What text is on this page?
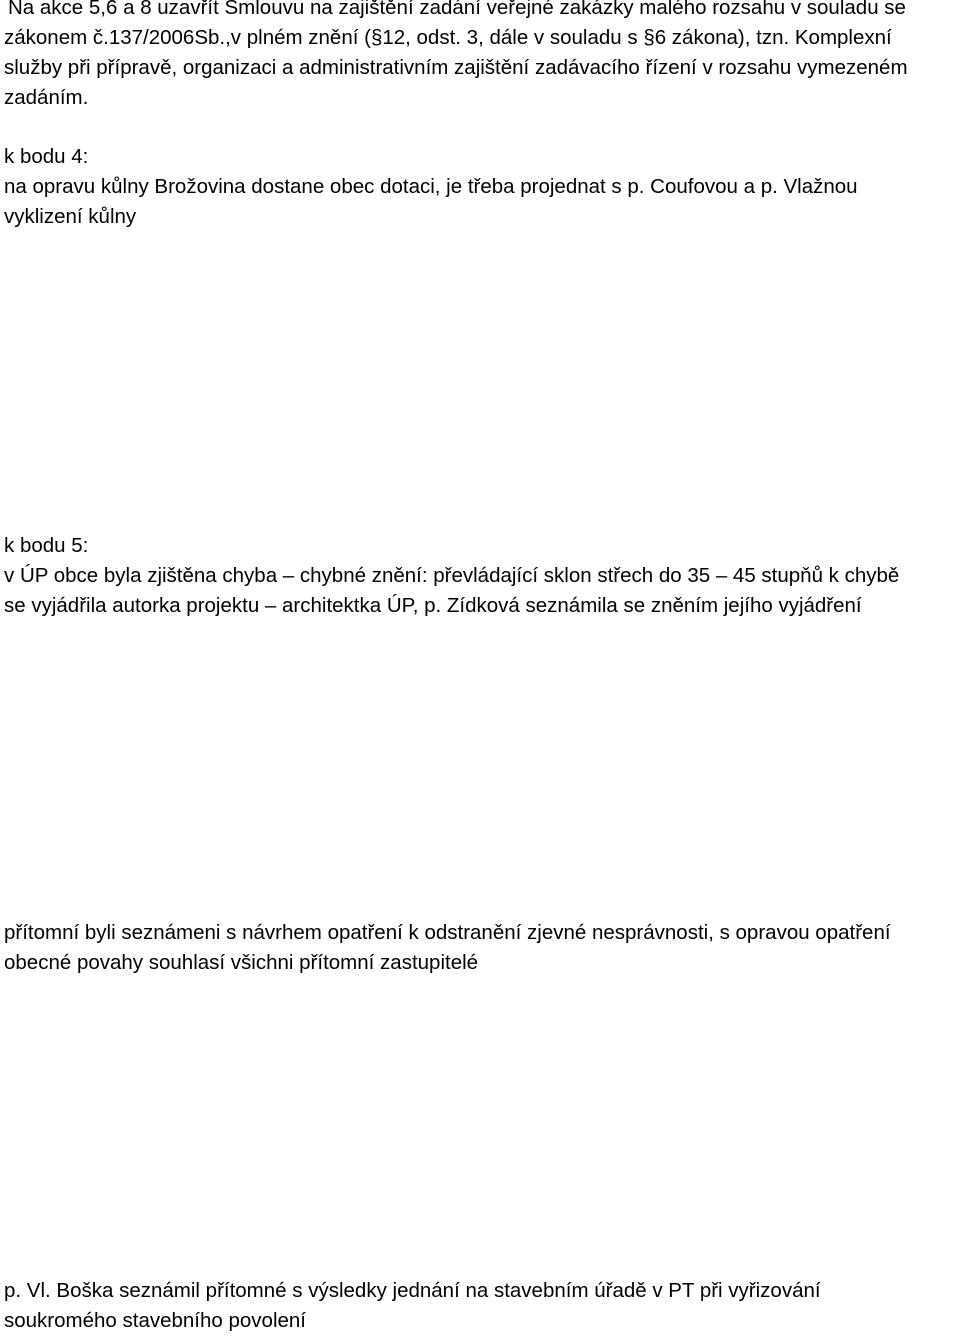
Na akce 5,6 a 8 uzavřít Smlouvu na zajištění zadání veřejné zakázky malého rozsahu v souladu se
zákonem č.137/2006Sb.,v plném znění (§12, odst. 3, dále v souladu s §6 zákona), tzn. Komplexní
služby při přípravě, organizaci a administrativním zajištění zadávacího řízení v rozsahu vymezeném
zadáním.
k bodu 4:
na opravu kůlny Brožovina dostane obec dotaci, je třeba projednat s p. Coufovou a p. Vlažnou
vyklizení kůlny
k bodu 5:
v ÚP obce byla zjištěna chyba – chybné znění: převládající sklon střech do 35 – 45 stupňů k chybě
se vyjádřila autorka projektu – architektka ÚP, p. Zídková seznámila se zněním jejího vyjádření
přítomní byli seznámeni s návrhem opatření k odstranění zjevné nesprávnosti, s opravou opatření
obecné povahy souhlasí všichni přítomní zastupitelé
p. Vl. Boška seznámil přítomné s výsledky jednání na stavebním úřadě v PT při vyřizování
soukromého stavebního povolení
